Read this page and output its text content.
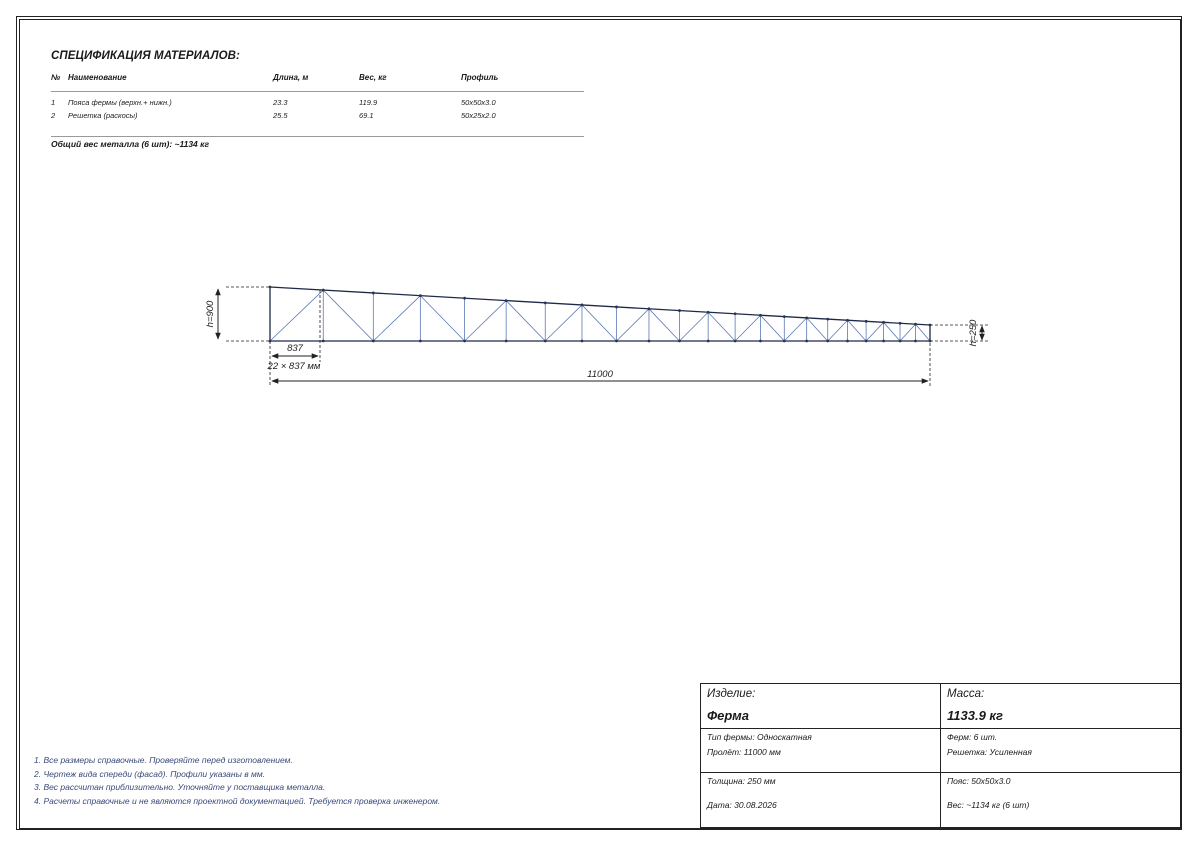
СПЕЦИФИКАЦИЯ МАТЕРИАЛОВ:
№ Наименование	Длина, м	Вес, кг	Профиль
1 Пояса фермы (верхн.+ нижн.)	23.3	119.9	50x50x3.0
2 Решетка (раскосы)	25.5	69.1	50x25x2.0
Общий вес металла (6 шт): ~1134 кг
h=900
h=250
837
22 × 837 мм
11000
1. Все размеры справочные. Проверяйте перед изготовлением.
2. Чертеж вида спереди (фасад). Профили указаны в мм.
3. Вес рассчитан приблизительно. Уточняйте у поставщика металла.
4. Расчеты справочные и не являются проектной документацией. Требуется проверка инженером.
Изделие:
Ферма
Масса:
1133.9 кг
Тип фермы: Односкатная
Пролёт: 11000 мм
Ферм: 6 шт.
Решетка: Усиленная
Толщина: 250 мм	Пояс: 50x50x3.0
Дата: 30.08.2026	Вес: ~1134 кг (6 шт)
